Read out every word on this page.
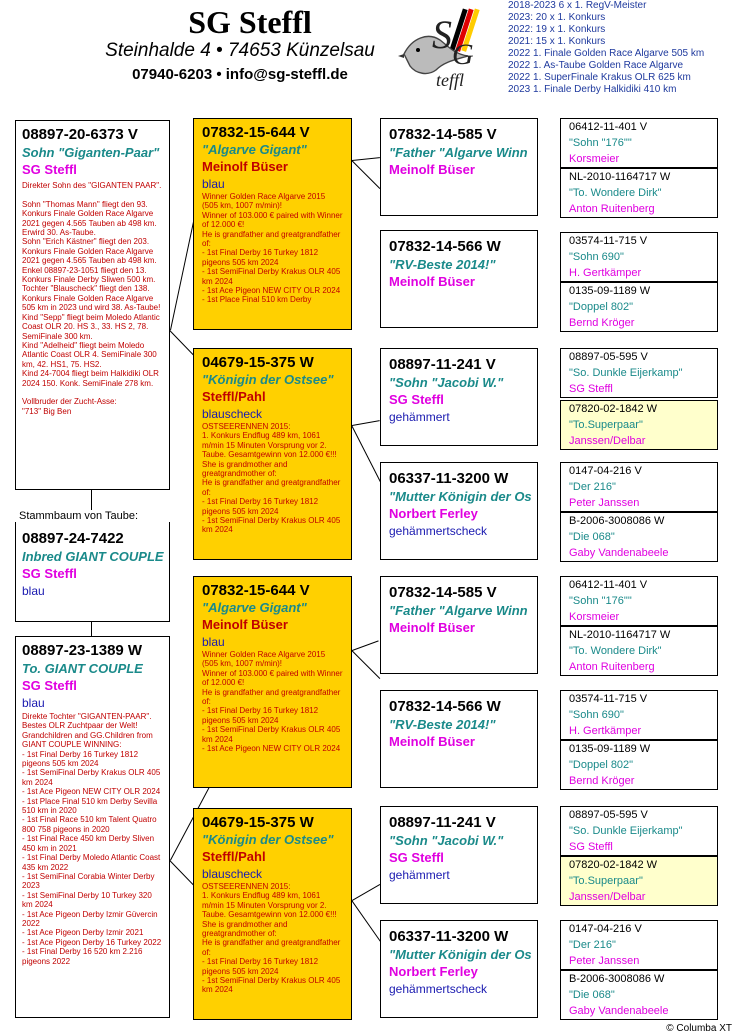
SG Steffl
Steinhalde 4 • 74653 Künzelsau
07940-6203 • info@sg-steffl.de
S G
teffl
2018-2023 6 x 1. RegV-Meister
2023: 20 x 1. Konkurs
2022: 19 x 1. Konkurs
2021: 15 x 1. Konkurs
2022 1. Finale Golden Race Algarve 505 km
2022 1. As-Taube Golden Race Algarve
2022 1. SuperFinale Krakus OLR 625 km
2023 1. Finale Derby Halkidiki 410 km
08897-20-6373 V
Sohn "Giganten-Paar"
SG Steffl
Direkter Sohn des "GIGANTEN PAAR".

Sohn "Thomas Mann" fliegt den 93. Konkurs Finale Golden Race Algarve 2021 gegen 4.565 Tauben ab 498 km.
Erwird 30. As-Taube.
Sohn "Erich Kästner" fliegt den 203. Konkurs Finale Golden Race Algarve 2021 gegen 4.565 Tauben ab 498 km.
Enkel 08897-23-1051 fliegt den 13. Konkurs Finale Derby Sliwen 500 km.
Tochter "Blauscheck" fliegt den 138. Konkurs Finale Golden Race Algarve 505 km in 2023 und wird 38. As-Taube!
Kind "Sepp" fliegt beim Moledo Atlantic Coast OLR 20. HS 3., 33. HS 2, 78. SemiFinale 300 km.
Kind "Adelheid" fliegt beim Moledo Atlantic Coast OLR 4. SemiFinale 300 km, 42. HS1, 75. HS2.
Kind 24-7004 fliegt beim Halkidiki OLR 2024 150. Konk. SemiFinale 278 km.

Vollbruder der Zucht-Asse:
"713" Big Ben
08897-24-7422
Inbred GIANT COUPLE
SG Steffl
blau
Stammbaum von Taube:
08897-23-1389 W
To. GIANT COUPLE
SG Steffl
blau
Direkte Tochter "GIGANTEN-PAAR".
Bestes OLR Zuchtpaar der Welt!
Grandchildren and GG.Children from GIANT COUPLE WINNING:
- 1st Final Derby 16 Turkey 1812 pigeons 505 km 2024
- 1st SemiFinal Derby Krakus OLR 405 km 2024
- 1st Ace Pigeon NEW CITY OLR 2024
- 1st Place Final 510 km Derby Sevilla 510 km in 2020
- 1st Final Race 510 km Talent Quatro 800 758 pigeons in 2020
- 1st Final Race 450 km Derby Sliven 450 km in 2021
- 1st Final Derby Moledo Atlantic Coast 435 km 2022
- 1st SemiFinal Corabia Winter Derby 2023
- 1st SemiFinal Derby 10 Turkey 320 km 2024
- 1st Ace Pigeon Derby Izmir Güvercin 2022
- 1st Ace Pigeon Derby Izmir 2021
- 1st Ace Pigeon Derby 16 Turkey 2022
- 1st Final Derby 16 520 km 2.216 pigeons 2022
07832-15-644 V
"Algarve Gigant"
Meinolf Büser
blau
Winner Golden Race Algarve 2015 (505 km, 1007 m/min)!
Winner of 103.000 € paired with Winner of 12.000 €!
He is grandfather and greatgrandfather of:
- 1st Final Derby 16 Turkey 1812 pigeons 505 km 2024
- 1st SemiFinal Derby Krakus OLR 405 km 2024
- 1st Ace Pigeon NEW CITY OLR 2024
- 1st Place Final 510 km Derby
04679-15-375 W
"Königin der Ostsee"
Steffl/Pahl
blauscheck
OSTSEERENNEN 2015:
1. Konkurs Endflug 489 km, 1061 m/min 15 Minuten Vorsprung vor 2. Taube. Gesamtgewinn von 12.000 €!!!
She is grandmother and greatgrandmother of:
He is grandfather and greatgrandfather of:
- 1st Final Derby 16 Turkey 1812 pigeons 505 km 2024
- 1st SemiFinal Derby Krakus OLR 405 km 2024
07832-15-644 V
"Algarve Gigant"
Meinolf Büser
blau
Winner Golden Race Algarve 2015 (505 km, 1007 m/min)!
Winner of 103.000 € paired with Winner of 12.000 €!
He is grandfather and greatgrandfather of:
- 1st Final Derby 16 Turkey 1812 pigeons 505 km 2024
- 1st SemiFinal Derby Krakus OLR 405 km 2024
- 1st Ace Pigeon NEW CITY OLR 2024
04679-15-375 W
"Königin der Ostsee"
Steffl/Pahl
blauscheck
OSTSEERENNEN 2015:
1. Konkurs Endflug 489 km, 1061 m/min 15 Minuten Vorsprung vor 2. Taube. Gesamtgewinn von 12.000 €!!!
She is grandmother and greatgrandmother of:
He is grandfather and greatgrandfather of:
- 1st Final Derby 16 Turkey 1812 pigeons 505 km 2024
- 1st SemiFinal Derby Krakus OLR 405 km 2024
07832-14-585 V
"Father "Algarve Winn
Meinolf Büser
07832-14-566 W
"RV-Beste 2014!"
Meinolf Büser
08897-11-241 V
"Sohn "Jacobi W."
SG Steffl
gehämmert
06337-11-3200 W
"Mutter Königin der Os
Norbert Ferley
gehämmertscheck
07832-14-585 V
"Father "Algarve Winn
Meinolf Büser
07832-14-566 W
"RV-Beste 2014!"
Meinolf Büser
08897-11-241 V
"Sohn "Jacobi W."
SG Steffl
gehämmert
06337-11-3200 W
"Mutter Königin der Os
Norbert Ferley
gehämmertscheck
06412-11-401 V
"Sohn "176""
Korsmeier
NL-2010-1164717 W
"To. Wondere Dirk"
Anton Ruitenberg
03574-11-715 V
"Sohn 690"
H. Gertkämper
0135-09-1189 W
"Doppel 802"
Bernd Kröger
08897-05-595 V
"So. Dunkle Eijerkamp"
SG Steffl
07820-02-1842 W
"To.Superpaar"
Janssen/Delbar
0147-04-216 V
"Der 216"
Peter Janssen
B-2006-3008086 W
"Die 068"
Gaby Vandenabeele
06412-11-401 V
"Sohn "176""
Korsmeier
NL-2010-1164717 W
"To. Wondere Dirk"
Anton Ruitenberg
03574-11-715 V
"Sohn 690"
H. Gertkämper
0135-09-1189 W
"Doppel 802"
Bernd Kröger
08897-05-595 V
"So. Dunkle Eijerkamp"
SG Steffl
07820-02-1842 W
"To.Superpaar"
Janssen/Delbar
0147-04-216 V
"Der 216"
Peter Janssen
B-2006-3008086 W
"Die 068"
Gaby Vandenabeele
© Columba XT
